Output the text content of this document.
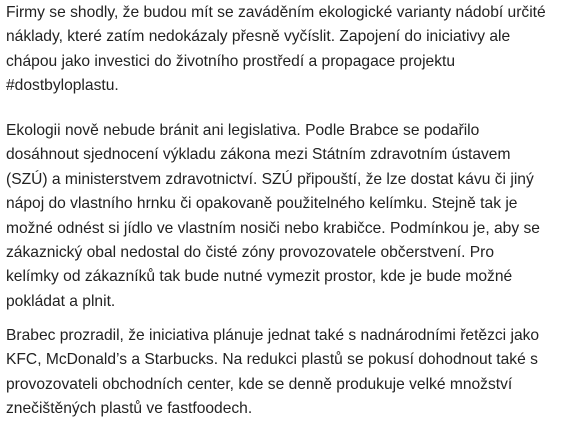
Firmy se shodly, že budou mít se zaváděním ekologické varianty nádobí určité
náklady, které zatím nedokázaly přesně vyčíslit. Zapojení do iniciativy ale
chápou jako investici do životního prostředí a propagace projektu
#dostbyloplastu.

Ekologii nově nebude bránit ani legislativa. Podle Brabce se podařilo
dosáhnout sjednocení výkladu zákona mezi Státním zdravotním ústavem
(SZÚ) a ministerstvem zdravotnictví. SZÚ připouští, že lze dostat kávu či jiný
nápoj do vlastního hrnku či opakovaně použitelného kelímku. Stejně tak je
možné odnést si jídlo ve vlastním nosiči nebo krabičce. Podmínkou je, aby se
zákaznický obal nedostal do čisté zóny provozovatele občerstvení. Pro
kelímky od zákazníků tak bude nutné vymezit prostor, kde je bude možné
pokládat a plnit.

Brabec prozradil, že iniciativa plánuje jednat také s nadnárodními řetězci jako
KFC, McDonald’s a Starbucks. Na redukci plastů se pokusí dohodnout také s
provozovateli obchodních center, kde se denně produkuje velké množství
znečištěných plastů ve fastfoodech.
